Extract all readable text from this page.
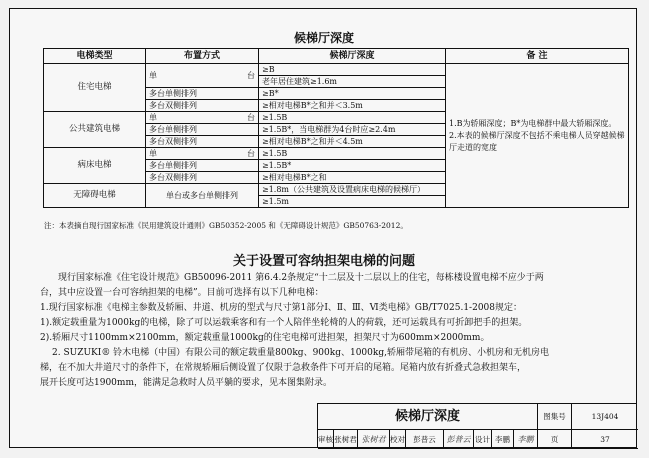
候梯厅深度
电梯类型	布置方式	候梯厅深度	备 注
住宅电梯	单 台	≥B	1.B为轿厢深度；B*为电梯群中最大轿厢深度。
2.本表的候梯厅深度不包括不乘电梯人员穿越候梯厅走道的宽度

		老年居住建筑≥1.6m	
	多台单侧排列	≥B*	
	多台双侧排列	≥相对电梯B*之和并＜3.5m	
公共建筑电梯	单 台	≥1.5B	
	多台单侧排列	≥1.5B*，当电梯群为4台时应≥2.4m	
	多台双侧排列	≥相对电梯B*之和并＜4.5m	
病床电梯	单 台	≥1.5B	
	多台单侧排列	≥1.5B*	
	多台双侧排列	≥相对电梯B*之和	
无障碍电梯	单台或多台单侧排列	≥1.8m（公共建筑及设置病床电梯的候梯厅）	
		≥1.5m	
注：本表摘自现行国家标准《民用建筑设计通则》GB50352-2005 和《无障碍设计规范》GB50763-2012。
关于设置可容纳担架电梯的问题
现行国家标准《住宅设计规范》GB50096-2011 第6.4.2条规定“十二层及十二层以上的住宅，每栋楼设置电梯不应少于两
台，其中应设置一台可容纳担架的电梯”。目前可选择有以下几种电梯：
1.现行国家标准《电梯主参数及轿厢、井道、机房的型式与尺寸第1部分Ⅰ、Ⅱ、Ⅲ、Ⅵ类电梯》GB/T7025.1-2008规定：
1).额定载重量为1000kg的电梯，除了可以运载乘客和有一个人陪伴坐轮椅的人的荷载，还可运载具有可折卸把手的担架。
2).轿厢尺寸1100mm×2100mm，额定载重量1000kg的住宅电梯可进担架，担架尺寸为600mm×2000mm。
2. SUZUKI® 铃木电梯（中国）有限公司的额定载重量800kg、900kg、1000kg,轿厢带尾箱的有机房、小机房和无机房电
梯，在不加大井道尺寸的条件下，在常规轿厢后侧设置了仅限于急救条件下可开启的尾箱。尾箱内放有折叠式急救担架车，
展开长度可达1900mm，能满足急救时人员平躺的要求，见本图集附录。
候梯厅深度	图集号	13J404
审核 张树君 张树君 校对	彭普云	彭普云 设计 李鹏 李鹏	页	37
